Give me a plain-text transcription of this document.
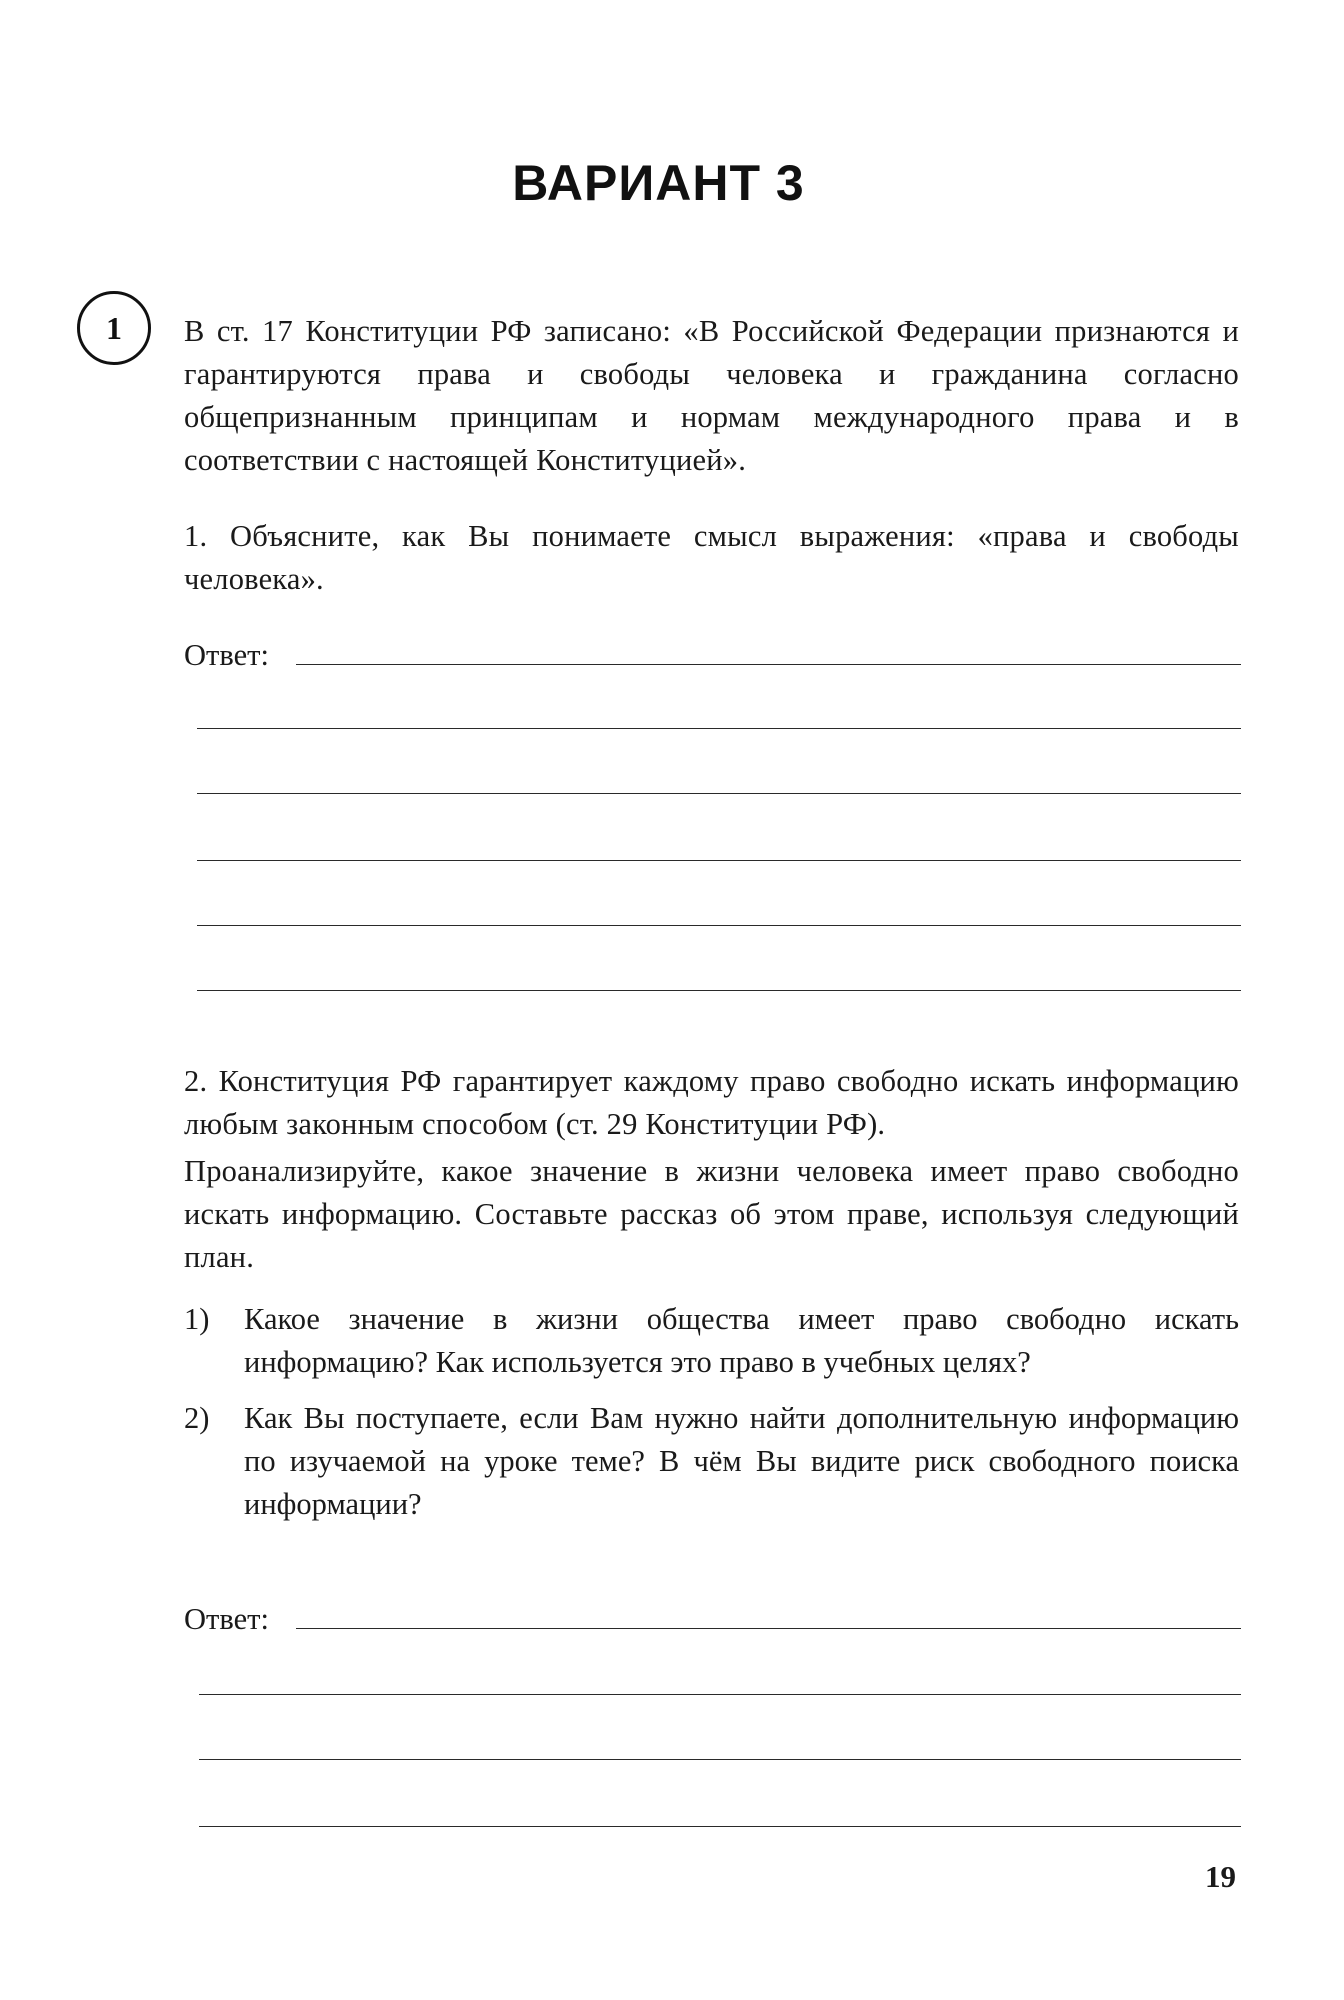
ВАРИАНТ 3
1 В ст. 17 Конституции РФ записано: «В Российской Федерации признаются и гарантируются права и свободы человека и гражданина согласно общепризнанным принципам и нормам международного права и в соответствии с настоящей Конституцией».

1. Объясните, как Вы понимаете смысл выражения: «права и свободы человека».

Ответ:

2. Конституция РФ гарантирует каждому право свободно искать информацию любым законным способом (ст. 29 Конституции РФ).

Проанализируйте, какое значение в жизни человека имеет право свободно искать информацию. Составьте рассказ об этом праве, используя следующий план.

1) Какое значение в жизни общества имеет право свободно искать информацию? Как используется это право в учебных целях?
2) Как Вы поступаете, если Вам нужно найти дополнительную информацию по изучаемой на уроке теме? В чём Вы видите риск свободного поиска информации?
Ответ:
19
